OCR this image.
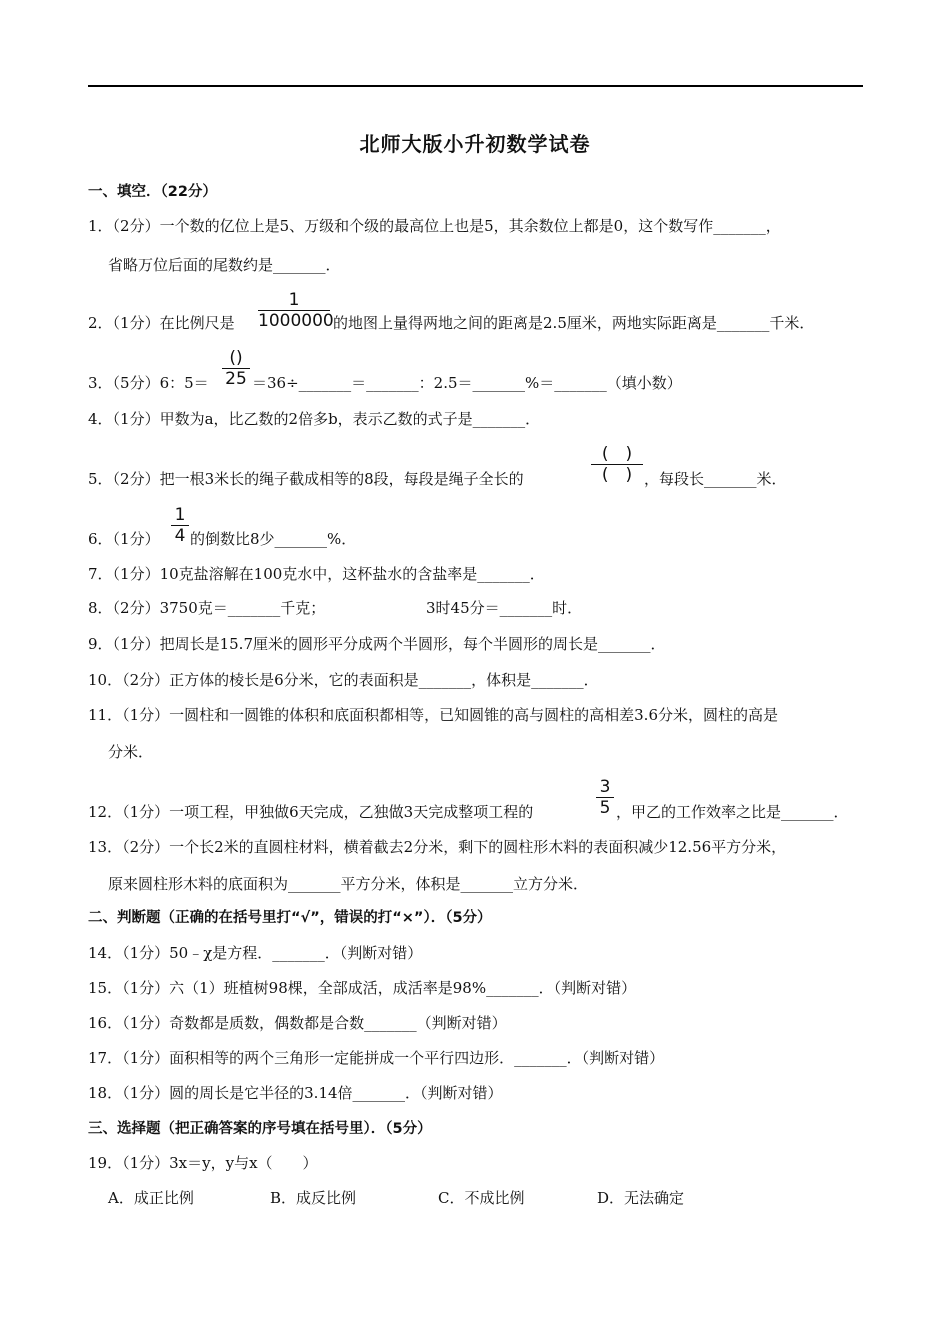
北师大版小升初数学试卷
一、填空．（22分）
1．（2分）一个数的亿位上是5、万级和个级的最高位上也是5，其余数位上都是0，这个数写作_______，
省略万位后面的尾数约是_______．
2．（1分）在比例尺是
1
1000000 的地图上量得两地之间的距离是2.5厘米，两地实际距离是_______千米．
3．（5分）6：5＝
()
25 ＝36÷_______＝_______：2.5＝_______%＝_______（填小数）
4．（1分）甲数为a，比乙数的2倍多b，表示乙数的式子是_______．
5．（2分）把一根3米长的绳子截成相等的8段，每段是绳子全长的
(　)
(　) ，每段长_______米．
6．（1分）
1
4 的倒数比8少_______%．
7．（1分）10克盐溶解在100克水中，这杯盐水的含盐率是_______．
8．（2分）3750克＝_______千克；	3时45分＝_______时．
9．（1分）把周长是15.7厘米的圆形平分成两个半圆形，每个半圆形的周长是_______．
10．（2分）正方体的棱长是6分米，它的表面积是_______，体积是_______．
11．（1分）一圆柱和一圆锥的体积和底面积都相等，已知圆锥的高与圆柱的高相差3.6分米，圆柱的高是
分米．
12．（1分）一项工程，甲独做6天完成，乙独做3天完成整项工程的
3
5 ，甲乙的工作效率之比是_______．
13．（2分）一个长2米的直圆柱材料，横着截去2分米，剩下的圆柱形木料的表面积减少12.56平方分米，
原来圆柱形木料的底面积为_______平方分米，体积是_______立方分米．
二、判断题（正确的在括号里打“√”，错误的打“×”）．（5分）
14．（1分）50﹣χ是方程．_______．（判断对错）
15．（1分）六（1）班植树98棵，全部成活，成活率是98%_______．（判断对错）
16．（1分）奇数都是质数，偶数都是合数_______（判断对错）
17．（1分）面积相等的两个三角形一定能拼成一个平行四边形．_______．（判断对错）
18．（1分）圆的周长是它半径的3.14倍_______．（判断对错）
三、选择题（把正确答案的序号填在括号里）．（5分）
19．（1分）3x＝y，y与x（　　）
A．成正比例	B．成反比例	C．不成比例	D．无法确定
